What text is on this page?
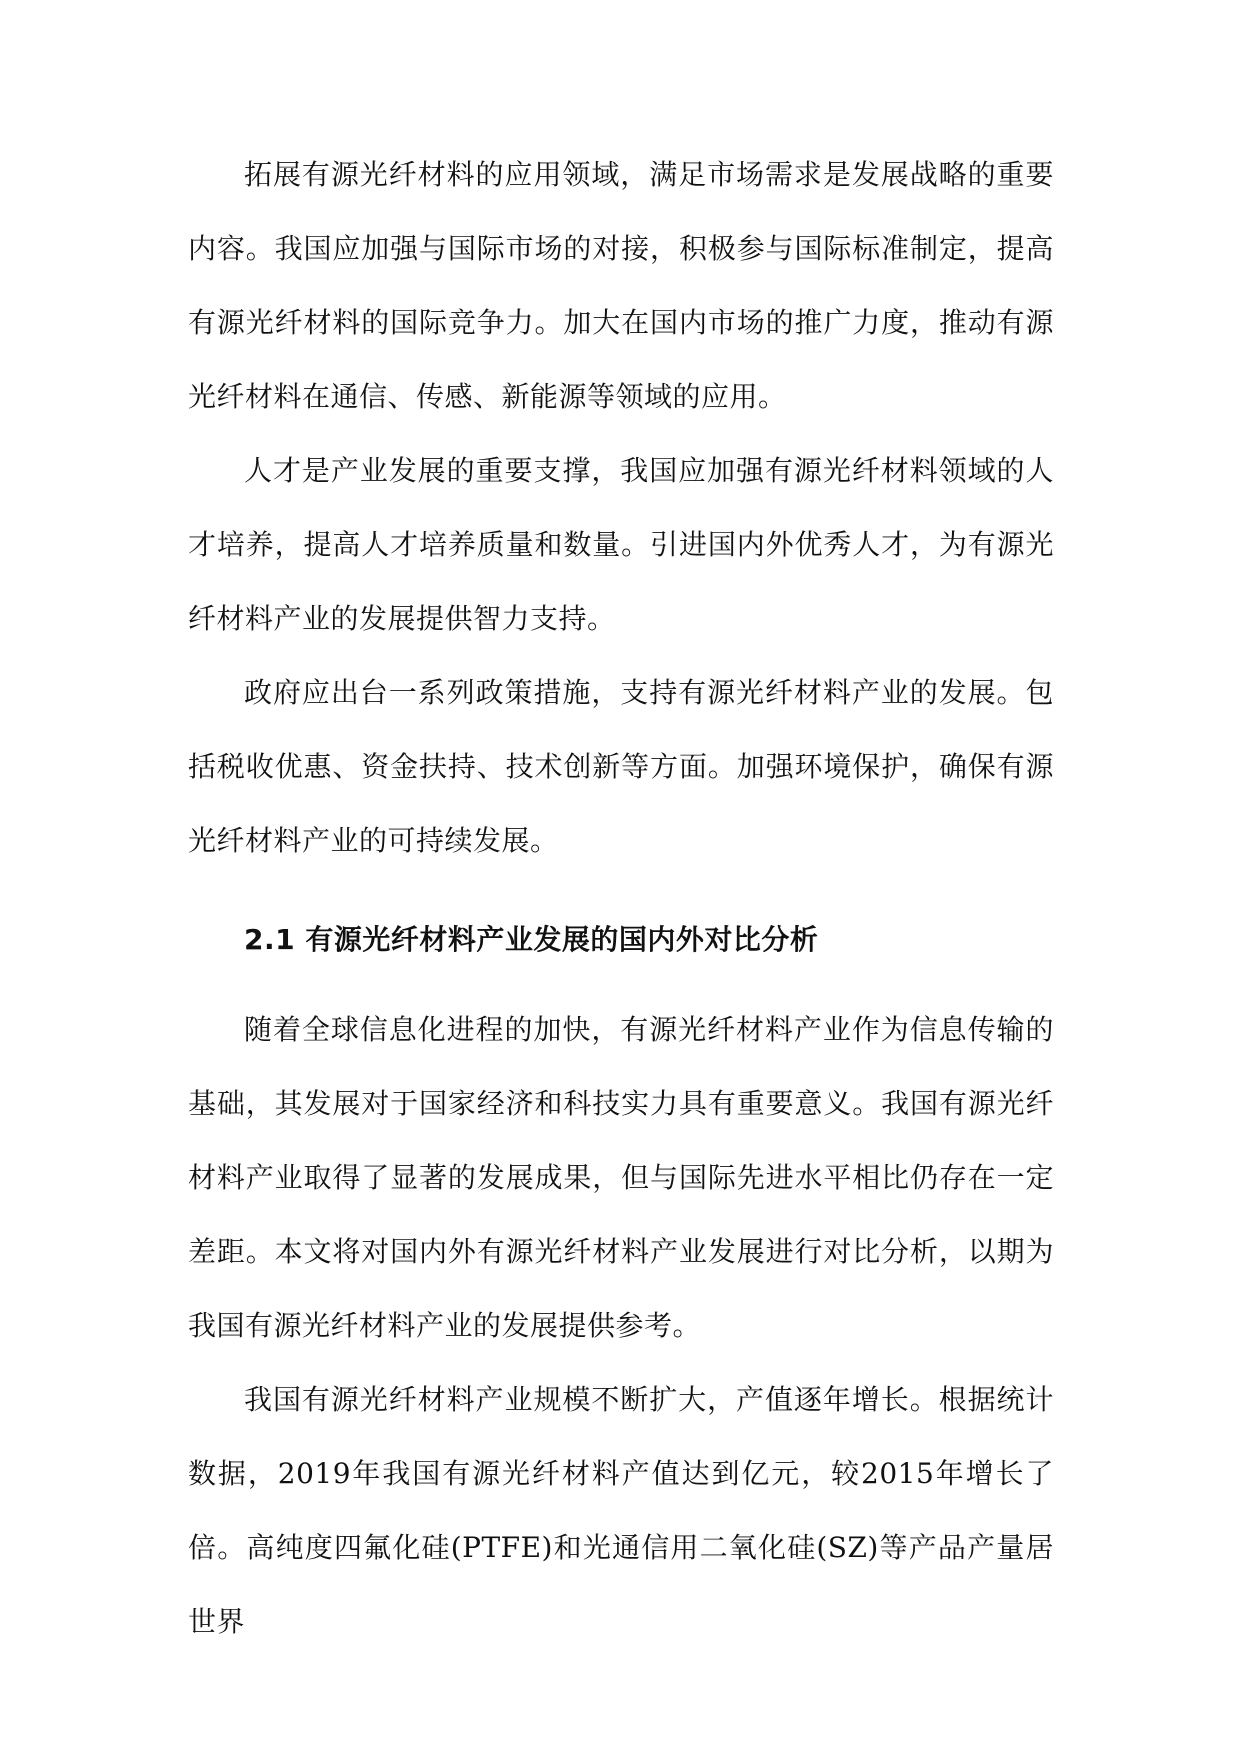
拓展有源光纤材料的应用领域，满足市场需求是发展战略的重要内容。我国应加强与国际市场的对接，积极参与国际标准制定，提高有源光纤材料的国际竞争力。加大在国内市场的推广力度，推动有源光纤材料在通信、传感、新能源等领域的应用。

人才是产业发展的重要支撑，我国应加强有源光纤材料领域的人才培养，提高人才培养质量和数量。引进国内外优秀人才，为有源光纤材料产业的发展提供智力支持。

政府应出台一系列政策措施，支持有源光纤材料产业的发展。包括税收优惠、资金扶持、技术创新等方面。加强环境保护，确保有源光纤材料产业的可持续发展。

2.1 有源光纤材料产业发展的国内外对比分析

随着全球信息化进程的加快，有源光纤材料产业作为信息传输的基础，其发展对于国家经济和科技实力具有重要意义。我国有源光纤材料产业取得了显著的发展成果，但与国际先进水平相比仍存在一定差距。本文将对国内外有源光纤材料产业发展进行对比分析，以期为我国有源光纤材料产业的发展提供参考。

我国有源光纤材料产业规模不断扩大，产值逐年增长。根据统计数据，2019年我国有源光纤材料产值达到亿元，较2015年增长了倍。高纯度四氟化硅(PTFE)和光通信用二氧化硅(SZ)等产品产量居世界
